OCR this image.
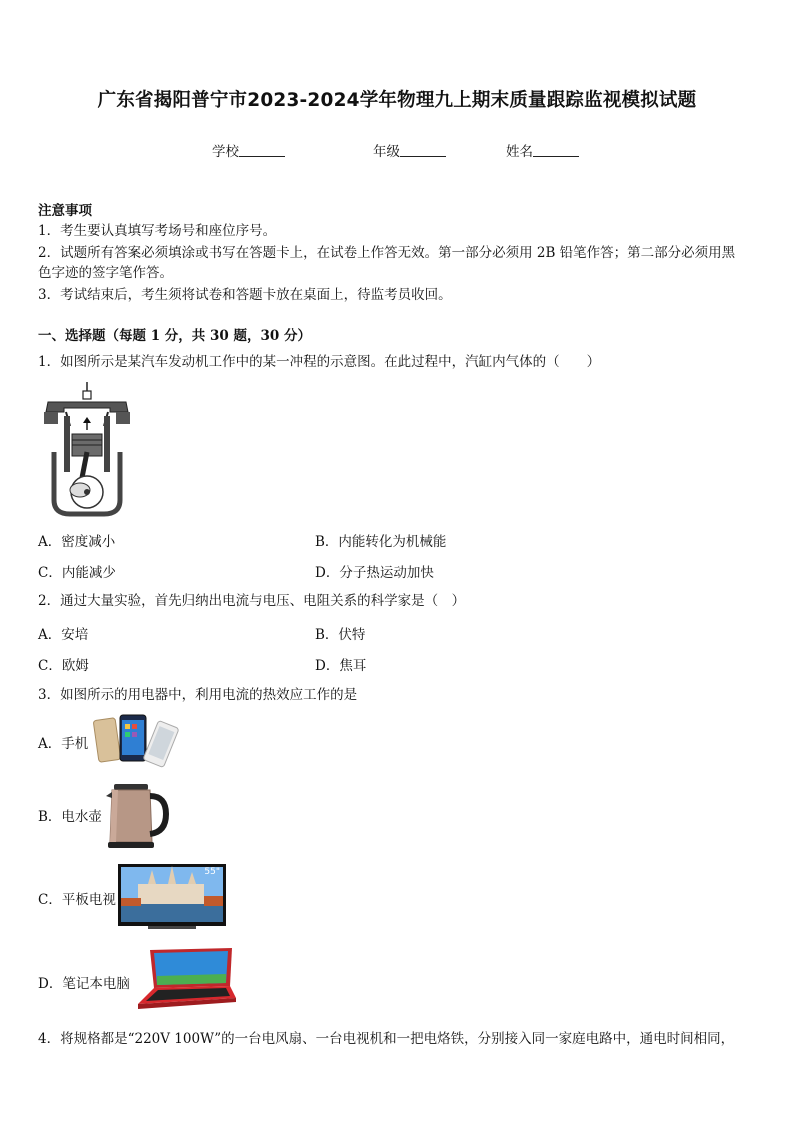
广东省揭阳普宁市2023-2024学年物理九上期末质量跟踪监视模拟试题
学校	年级	姓名
注意事项
1．考生要认真填写考场号和座位序号。
2．试题所有答案必须填涂或书写在答题卡上，在试卷上作答无效。第一部分必须用 2B 铅笔作答；第二部分必须用黑
色字迹的签字笔作答。
3．考试结束后，考生须将试卷和答题卡放在桌面上，待监考员收回。
一、选择题（每题 1 分，共 30 题，30 分）
1．如图所示是某汽车发动机工作中的某一冲程的示意图。在此过程中，汽缸内气体的（　　）
A．密度减小	B．内能转化为机械能
C．内能减少	D．分子热运动加快
2．通过大量实验，首先归纳出电流与电压、电阻关系的科学家是（　）
A．安培	B．伏特
C．欧姆	D．焦耳
3．如图所示的用电器中，利用电流的热效应工作的是
A．手机
B．电水壶
C．平板电视
55"
D．笔记本电脑
4．将规格都是“220V 100W”的一台电风扇、一台电视机和一把电烙铁，分别接入同一家庭电路中，通电时间相同，
